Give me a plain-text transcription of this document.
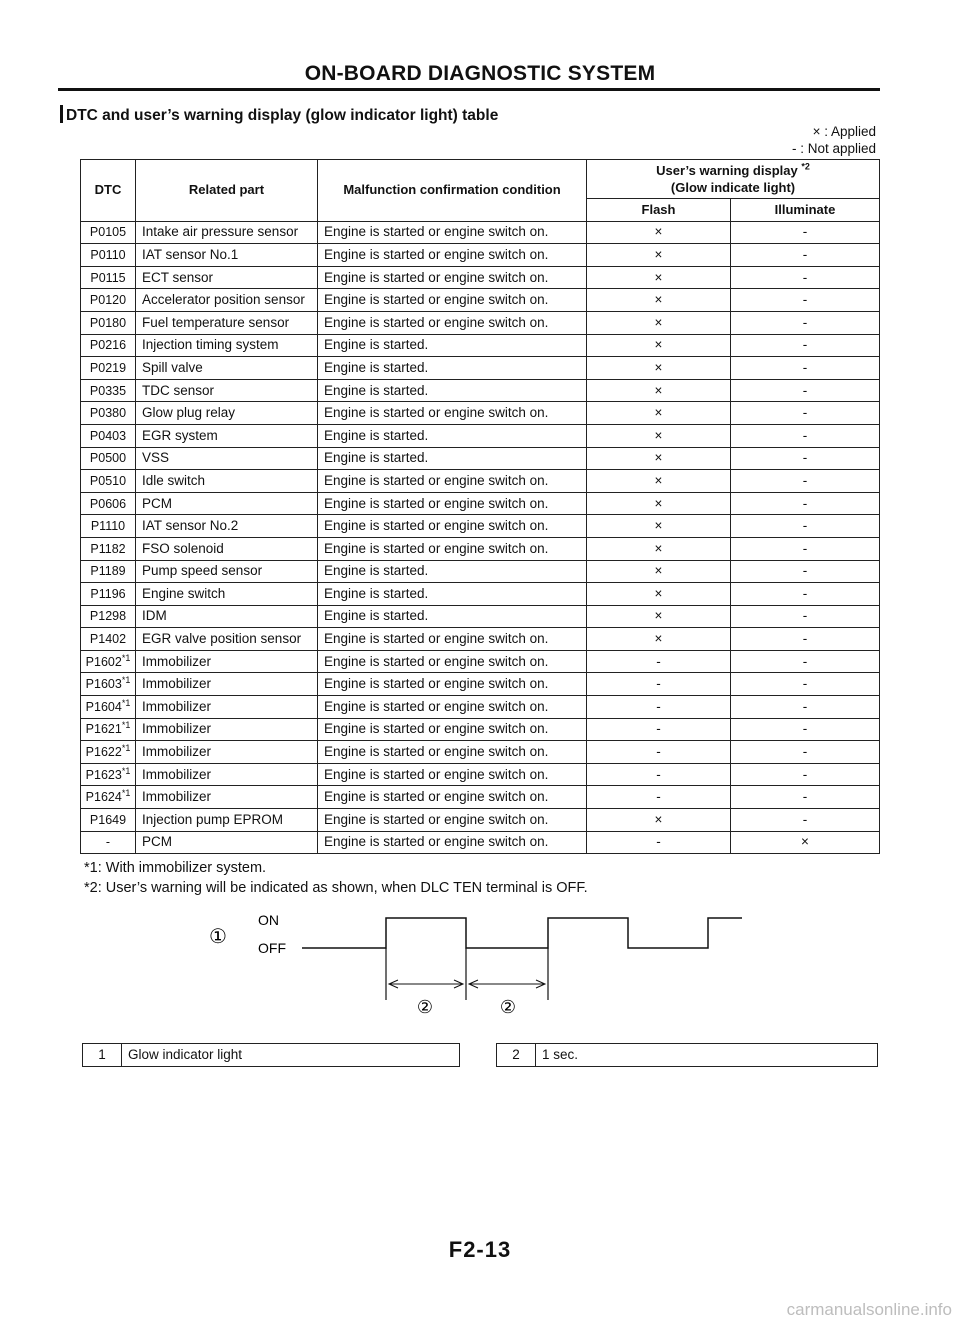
ON-BOARD DIAGNOSTIC SYSTEM
DTC and user’s warning display (glow indicator light) table
× : Applied
- : Not applied
DTC	Related part	Malfunction confirmation condition	User’s warning display $^{*2}$
(Glow indicate light)	
			Flash	Illuminate
P0105	Intake air pressure sensor	Engine is started or engine switch on.	×	-
P0110	IAT sensor No.1	Engine is started or engine switch on.	×	-
P0115	ECT sensor	Engine is started or engine switch on.	×	-
P0120	Accelerator position sensor	Engine is started or engine switch on.	×	-
P0180	Fuel temperature sensor	Engine is started or engine switch on.	×	-
P0216	Injection timing system	Engine is started.	×	-
P0219	Spill valve	Engine is started.	×	-
P0335	TDC sensor	Engine is started.	×	-
P0380	Glow plug relay	Engine is started or engine switch on.	×	-
P0403	EGR system	Engine is started.	×	-
P0500	VSS	Engine is started.	×	-
P0510	Idle switch	Engine is started or engine switch on.	×	-
P0606	PCM	Engine is started or engine switch on.	×	-
P1110	IAT sensor No.2	Engine is started or engine switch on.	×	-
P1182	FSO solenoid	Engine is started or engine switch on.	×	-
P1189	Pump speed sensor	Engine is started.	×	-
P1196	Engine switch	Engine is started.	×	-
P1298	IDM	Engine is started.	×	-
P1402	EGR valve position sensor	Engine is started or engine switch on.	×	-
P1602$^{*1}$	Immobilizer	Engine is started or engine switch on.	-	-
P1603$^{*1}$	Immobilizer	Engine is started or engine switch on.	-	-
P1604$^{*1}$	Immobilizer	Engine is started or engine switch on.	-	-
P1621$^{*1}$	Immobilizer	Engine is started or engine switch on.	-	-
P1622$^{*1}$	Immobilizer	Engine is started or engine switch on.	-	-
P1623$^{*1}$	Immobilizer	Engine is started or engine switch on.	-	-
P1624$^{*1}$	Immobilizer	Engine is started or engine switch on.	-	-
P1649	Injection pump EPROM	Engine is started or engine switch on.	×	-
-	PCM	Engine is started or engine switch on.	-	×
*1: With immobilizer system.
*2: User’s warning will be indicated as shown, when DLC TEN terminal is OFF.
①
ON
OFF
②	②
1	Glow indicator light	2	1 sec.
F2-13
carmanualsonline.info
